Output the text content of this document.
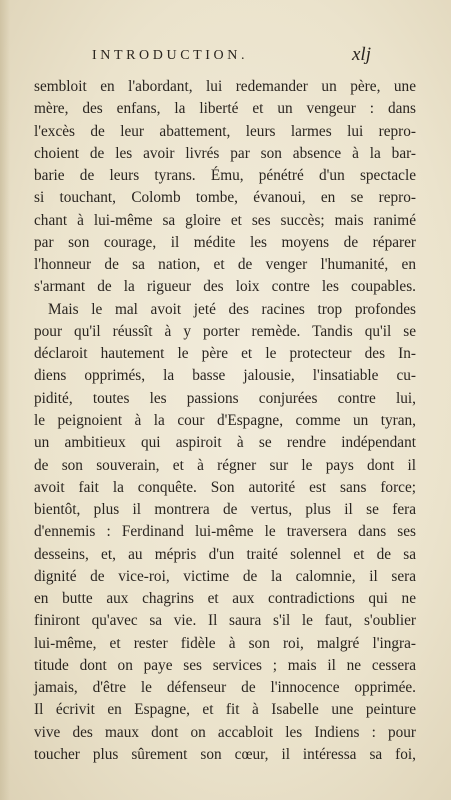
INTRODUCTION.	xlj
sembloit en l'abordant, lui redemander un père, une
mère, des enfans, la liberté et un vengeur : dans
l'excès de leur abattement, leurs larmes lui repro-
choient de les avoir livrés par son absence à la bar-
barie de leurs tyrans. Ému, pénétré d'un spectacle
si touchant, Colomb tombe, évanoui, en se repro-
chant à lui-même sa gloire et ses succès; mais ranimé
par son courage, il médite les moyens de réparer
l'honneur de sa nation, et de venger l'humanité, en
s'armant de la rigueur des loix contre les coupables.
Mais le mal avoit jeté des racines trop profondes
pour qu'il réussît à y porter remède. Tandis qu'il se
déclaroit hautement le père et le protecteur des In-
diens opprimés, la basse jalousie, l'insatiable cu-
pidité, toutes les passions conjurées contre lui,
le peignoient à la cour d'Espagne, comme un tyran,
un ambitieux qui aspiroit à se rendre indépendant
de son souverain, et à régner sur le pays dont il
avoit fait la conquête. Son autorité est sans force;
bientôt, plus il montrera de vertus, plus il se fera
d'ennemis : Ferdinand lui-même le traversera dans ses
desseins, et, au mépris d'un traité solennel et de sa
dignité de vice-roi, victime de la calomnie, il sera
en butte aux chagrins et aux contradictions qui ne
finiront qu'avec sa vie. Il saura s'il le faut, s'oublier
lui-même, et rester fidèle à son roi, malgré l'ingra-
titude dont on paye ses services ; mais il ne cessera
jamais, d'être le défenseur de l'innocence opprimée.
Il écrivit en Espagne, et fit à Isabelle une peinture
vive des maux dont on accabloit les Indiens : pour
toucher plus sûrement son cœur, il intéressa sa foi,
